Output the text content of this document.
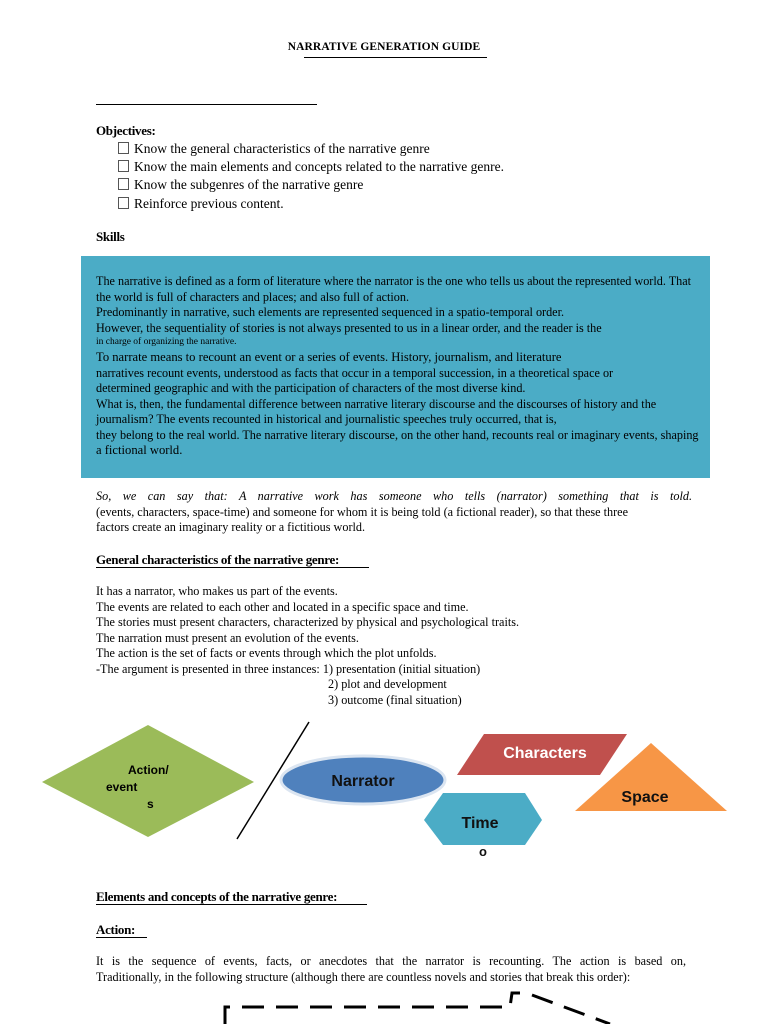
NARRATIVE GENERATION GUIDE
Objectives:
Know the general characteristics of the narrative genre
Know the main elements and concepts related to the narrative genre.
Know the subgenres of the narrative genre
Reinforce previous content.
Skills

The narrative is defined as a form of literature where the narrator is the one who tells us about the represented world. That

the world is full of characters and places; and also full of action.

Predominantly in narrative, such elements are represented sequenced in a spatio-temporal order.

However, the sequentiality of stories is not always presented to us in a linear order, and the reader is the

in charge of organizing the narrative.

To narrate means to recount an event or a series of events. History, journalism, and literature

narratives recount events, understood as facts that occur in a temporal succession, in a theoretical space or

determined geographic and with the participation of characters of the most diverse kind.

What is, then, the fundamental difference between narrative literary discourse and the discourses of history and the

journalism? The events recounted in historical and journalistic speeches truly occurred, that is,

they belong to the real world. The narrative literary discourse, on the other hand, recounts real or imaginary events, shaping

a fictional world.

So, we can say that: A narrative work has someone who tells (narrator) something that is told.

(events, characters, space-time) and someone for whom it is being told (a fictional reader), so that these three

factors create an imaginary reality or a fictitious world.

General characteristics of the narrative genre:

It has a narrator, who makes us part of the events.

The events are related to each other and located in a specific space and time.

The stories must present characters, characterized by physical and psychological traits.

The narration must present an evolution of the events.

The action is the set of facts or events through which the plot unfolds.

-The argument is presented in three instances: 1) presentation (initial situation)

2) plot and development

3) outcome (final situation)

Action/
event
s
Narrator
Characters
Space
Time
o
Elements and concepts of the narrative genre:
Action:

It is the sequence of events, facts, or anecdotes that the narrator is recounting. The action is based on,

Traditionally, in the following structure (although there are countless novels and stories that break this order):
